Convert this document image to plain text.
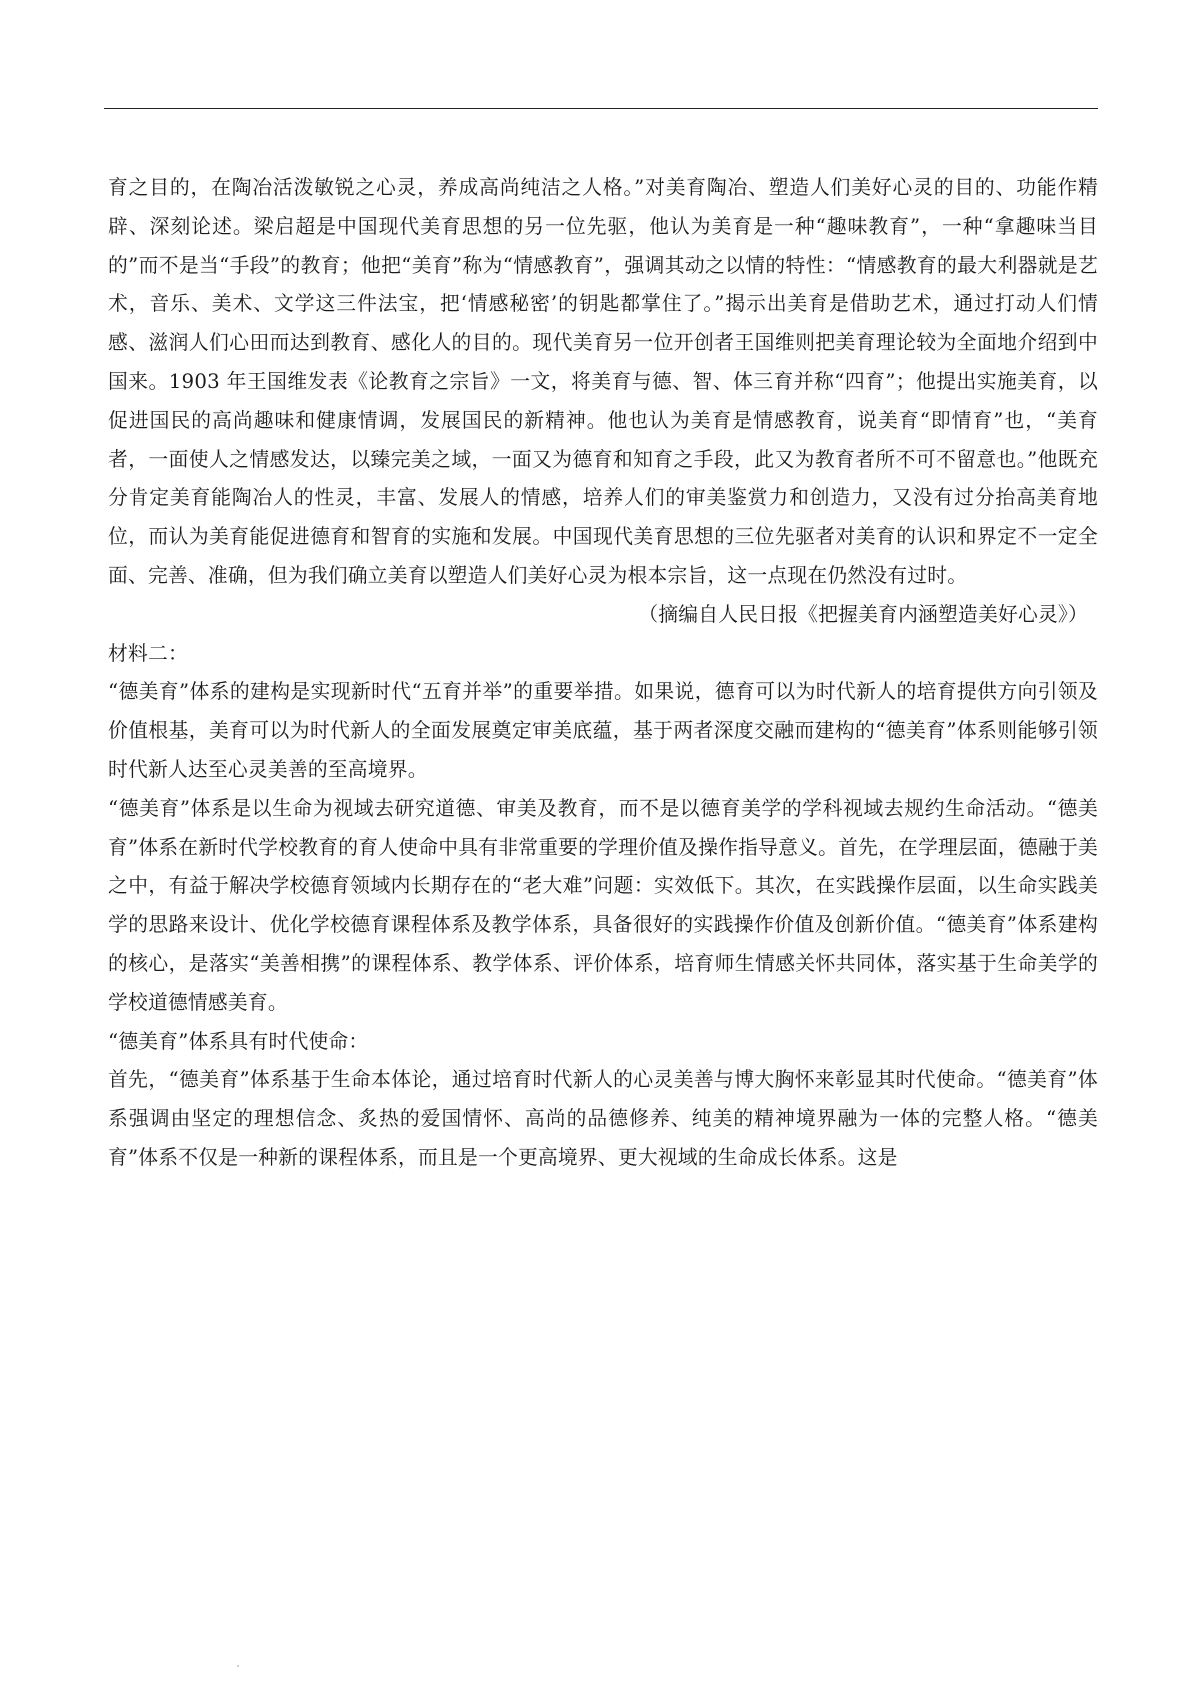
育之目的，在陶冶活泼敏锐之心灵，养成高尚纯洁之人格。”对美育陶冶、塑造人们美好心灵的目的、功能作精辟、深刻论述。梁启超是中国现代美育思想的另一位先驱，他认为美育是一种“趣味教育”，一种“拿趣味当目的”而不是当“手段”的教育；他把“美育”称为“情感教育”，强调其动之以情的特性：“情感教育的最大利器就是艺术，音乐、美术、文学这三件法宝，把‘情感秘密’的钥匙都掌住了。”揭示出美育是借助艺术，通过打动人们情感、滋润人们心田而达到教育、感化人的目的。现代美育另一位开创者王国维则把美育理论较为全面地介绍到中国来。1903 年王国维发表《论教育之宗旨》一文，将美育与德、智、体三育并称“四育”；他提出实施美育，以促进国民的高尚趣味和健康情调，发展国民的新精神。他也认为美育是情感教育，说美育“即情育”也，“美育者，一面使人之情感发达，以臻完美之域，一面又为德育和知育之手段，此又为教育者所不可不留意也。”他既充分肯定美育能陶冶人的性灵，丰富、发展人的情感，培养人们的审美鉴赏力和创造力，又没有过分抬高美育地位，而认为美育能促进德育和智育的实施和发展。中国现代美育思想的三位先驱者对美育的认识和界定不一定全面、完善、准确，但为我们确立美育以塑造人们美好心灵为根本宗旨，这一点现在仍然没有过时。

（摘编自人民日报《把握美育内涵塑造美好心灵》）

材料二：

“德美育”体系的建构是实现新时代“五育并举”的重要举措。如果说，德育可以为时代新人的培育提供方向引领及价值根基，美育可以为时代新人的全面发展奠定审美底蕴，基于两者深度交融而建构的“德美育”体系则能够引领时代新人达至心灵美善的至高境界。

“德美育”体系是以生命为视域去研究道德、审美及教育，而不是以德育美学的学科视域去规约生命活动。“德美育”体系在新时代学校教育的育人使命中具有非常重要的学理价值及操作指导意义。首先，在学理层面，德融于美之中，有益于解决学校德育领域内长期存在的“老大难”问题：实效低下。其次，在实践操作层面，以生命实践美学的思路来设计、优化学校德育课程体系及教学体系，具备很好的实践操作价值及创新价值。“德美育”体系建构的核心，是落实“美善相携”的课程体系、教学体系、评价体系，培育师生情感关怀共同体，落实基于生命美学的学校道德情感美育。

“德美育”体系具有时代使命：

首先，“德美育”体系基于生命本体论，通过培育时代新人的心灵美善与博大胸怀来彰显其时代使命。“德美育”体系强调由坚定的理想信念、炙热的爱国情怀、高尚的品德修养、纯美的精神境界融为一体的完整人格。“德美育”体系不仅是一种新的课程体系，而且是一个更高境界、更大视域的生命成长体系。这是
